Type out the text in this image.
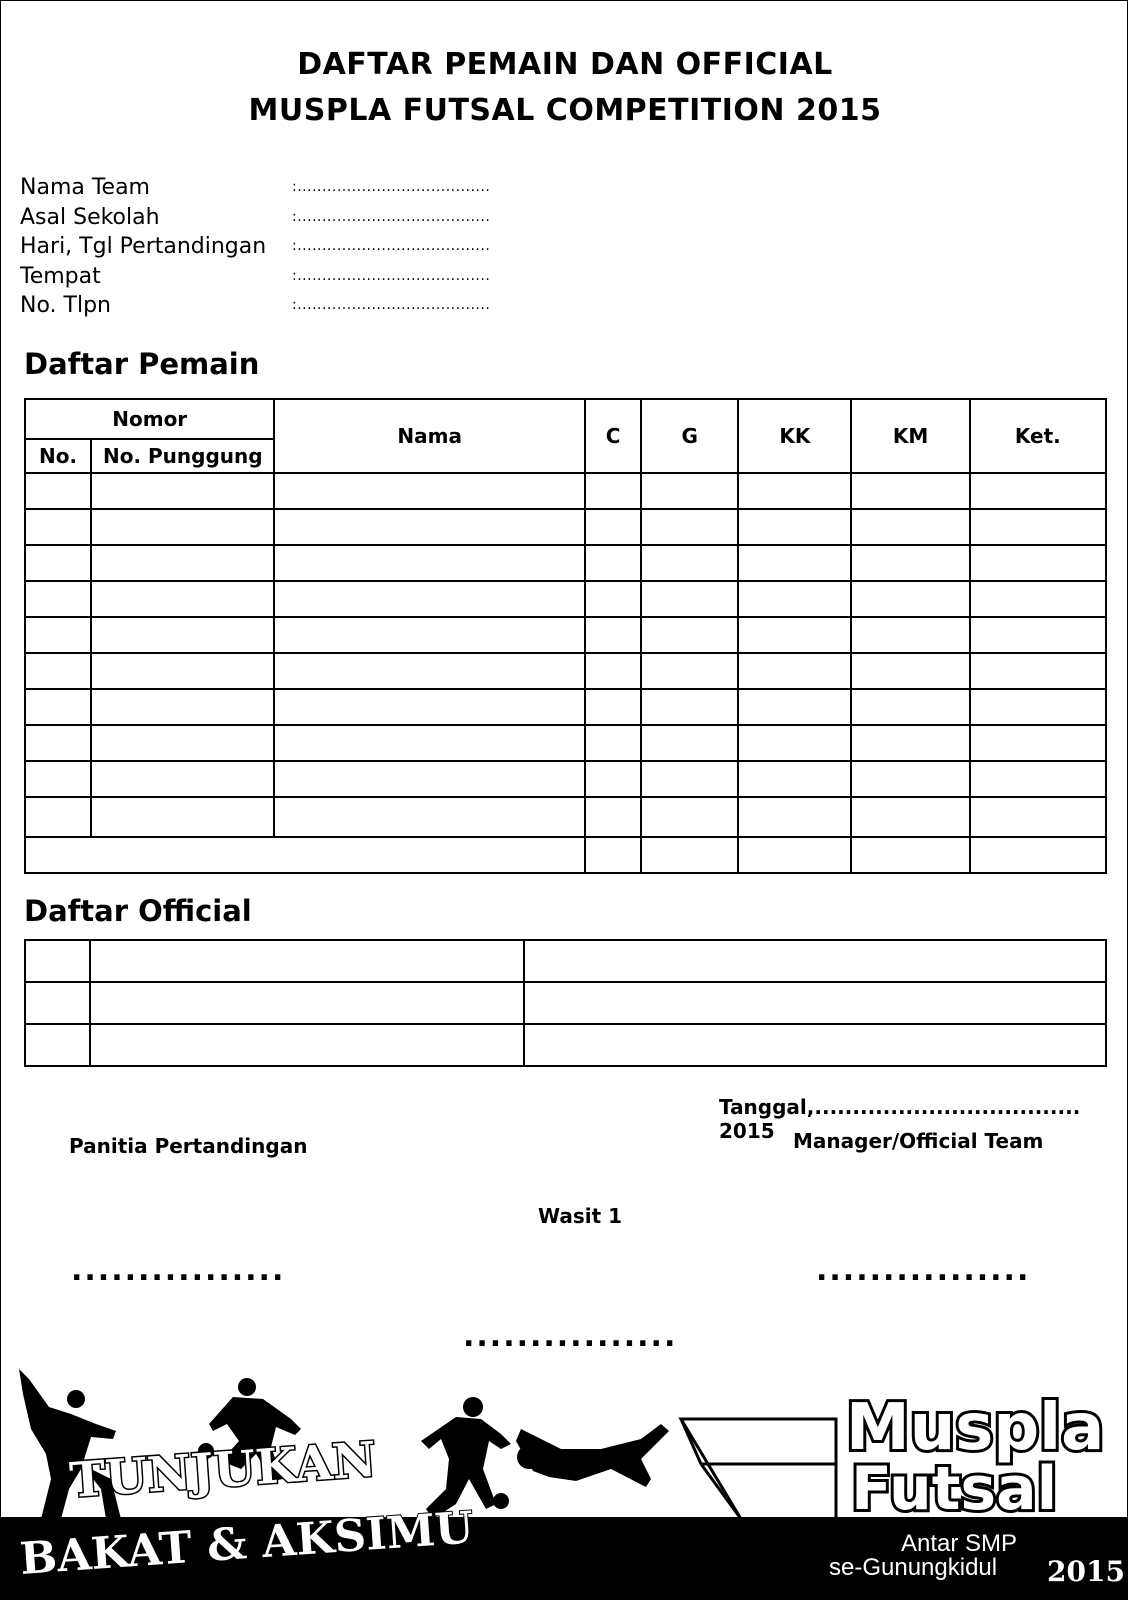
DAFTAR PEMAIN DAN OFFICIAL
MUSPLA FUTSAL COMPETITION 2015
Nama Team	:.......................................
Asal Sekolah	:.......................................
Hari, Tgl Pertandingan	:.......................................
Tempat	:.......................................
No. Tlpn	:.......................................
Daftar Pemain
Nomor		Nama	C	G	KK	KM	Ket.
No.	No. Punggung						

Daftar Official

Tanggal,................................... 2015 Manager/Official Team
Panitia Pertandingan
Wasit 1
................	................
................
TUNJUKAN
BAKAT & AKSIMU
Muspla
Futsal
Antar SMP
se-Gunungkidul 2015
